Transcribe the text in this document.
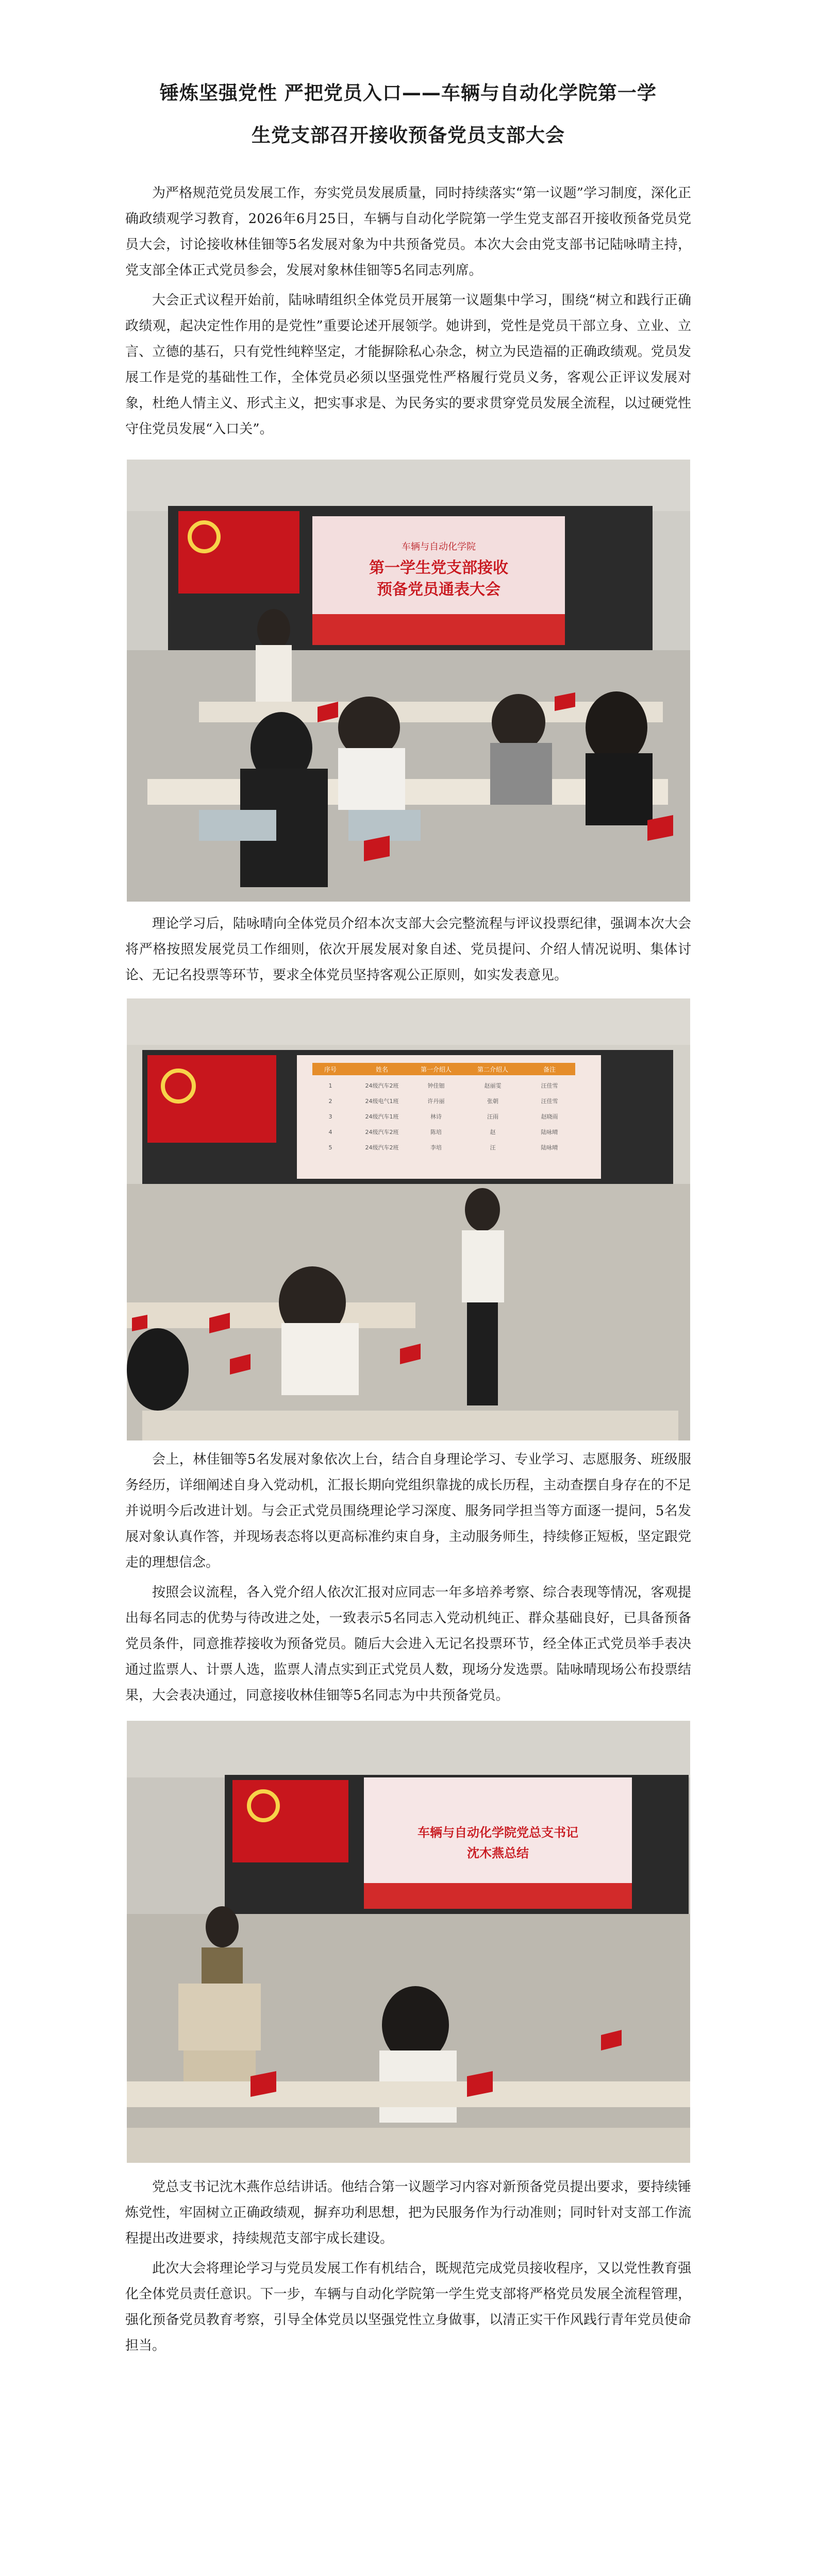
锤炼坚强党性 严把党员入口——车辆与自动化学院第一学
生党支部召开接收预备党员支部大会

为严格规范党员发展工作，夯实党员发展质量，同时持续落实“第一议题”学习制度，深化正确政绩观学习教育，2026年6月25日，车辆与自动化学院第一学生党支部召开接收预备党员党员大会，讨论接收林佳钿等5名发展对象为中共预备党员。本次大会由党支部书记陆咏晴主持，党支部全体正式党员参会，发展对象林佳钿等5名同志列席。

大会正式议程开始前，陆咏晴组织全体党员开展第一议题集中学习，围绕“树立和践行正确政绩观，起决定性作用的是党性”重要论述开展领学。她讲到，党性是党员干部立身、立业、立言、立德的基石，只有党性纯粹坚定，才能摒除私心杂念，树立为民造福的正确政绩观。党员发展工作是党的基础性工作，全体党员必须以坚强党性严格履行党员义务，客观公正评议发展对象，杜绝人情主义、形式主义，把实事求是、为民务实的要求贯穿党员发展全流程，以过硬党性守住党员发展“入口关”。

车辆与自动化学院
第一学生党支部接收
预备党员通表大会

理论学习后，陆咏晴向全体党员介绍本次支部大会完整流程与评议投票纪律，强调本次大会将严格按照发展党员工作细则，依次开展发展对象自述、党员提问、介绍人情况说明、集体讨论、无记名投票等环节，要求全体党员坚持客观公正原则，如实发表意见。

序号	姓名	第一介绍人	第二介绍人	备注
1	24级汽车2班	钟佳钿	赵丽雯	汪佳雪
2	24级电气1班	许丹丽	张朝	汪佳雪
3	24级汽车1班	林诗	汪雨	赵晓雨
4	24级汽车2班	陈培	赵	陆咏晴
5	24级汽车2班	李培	汪	陆咏晴

会上，林佳钿等5名发展对象依次上台，结合自身理论学习、专业学习、志愿服务、班级服务经历，详细阐述自身入党动机，汇报长期向党组织靠拢的成长历程，主动查摆自身存在的不足并说明今后改进计划。与会正式党员围绕理论学习深度、服务同学担当等方面逐一提问，5名发展对象认真作答，并现场表态将以更高标准约束自身，主动服务师生，持续修正短板，坚定跟党走的理想信念。

按照会议流程，各入党介绍人依次汇报对应同志一年多培养考察、综合表现等情况，客观提出每名同志的优势与待改进之处，一致表示5名同志入党动机纯正、群众基础良好，已具备预备党员条件，同意推荐接收为预备党员。随后大会进入无记名投票环节，经全体正式党员举手表决通过监票人、计票人选，监票人清点实到正式党员人数，现场分发选票。陆咏晴现场公布投票结果，大会表决通过，同意接收林佳钿等5名同志为中共预备党员。

车辆与自动化学院党总支书记
沈木燕总结

党总支书记沈木燕作总结讲话。他结合第一议题学习内容对新预备党员提出要求，要持续锤炼党性，牢固树立正确政绩观，摒弃功利思想，把为民服务作为行动准则；同时针对支部工作流程提出改进要求，持续规范支部宇成长建设。

此次大会将理论学习与党员发展工作有机结合，既规范完成党员接收程序，又以党性教育强化全体党员责任意识。下一步，车辆与自动化学院第一学生党支部将严格党员发展全流程管理，强化预备党员教育考察，引导全体党员以坚强党性立身做事，以清正实干作风践行青年党员使命担当。
